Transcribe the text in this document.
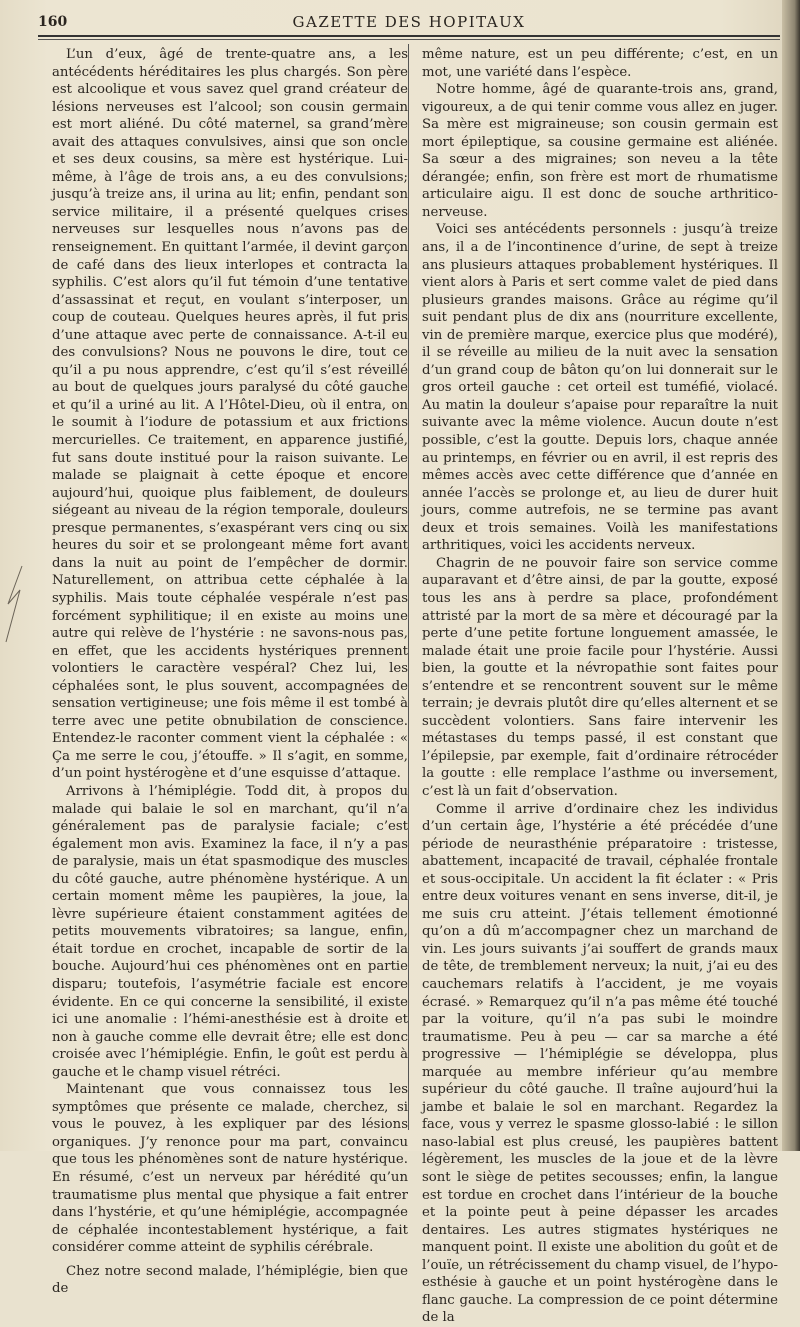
160	GAZETTE DES HOPITAUX

L’un d’eux, âgé de trente-quatre ans, a les antécédents héréditaires les plus chargés. Son père est alcoolique et vous savez quel grand créateur de lésions nerveuses est l’alcool; son cousin germain est mort aliéné. Du côté maternel, sa grand’mère avait des attaques convulsives, ainsi que son oncle et ses deux cousins, sa mère est hystérique. Lui-même, à l’âge de trois ans, a eu des convulsions; jusqu’à treize ans, il urina au lit; enfin, pendant son service militaire, il a présenté quelques crises nerveuses sur lesquelles nous n’avons pas de renseignement. En quittant l’armée, il devint garçon de café dans des lieux interlopes et contracta la syphilis. C’est alors qu’il fut témoin d’une tentative d’assassinat et reçut, en voulant s’interposer, un coup de couteau. Quelques heures après, il fut pris d’une attaque avec perte de connaissance. A-t-il eu des convulsions? Nous ne pouvons le dire, tout ce qu’il a pu nous apprendre, c’est qu’il s’est réveillé au bout de quelques jours paralysé du côté gauche et qu’il a uriné au lit. A l’Hôtel-Dieu, où il entra, on le soumit à l’iodure de potassium et aux frictions mercurielles. Ce traitement, en apparence justifié, fut sans doute institué pour la raison suivante. Le malade se plaignait à cette époque et encore aujourd’hui, quoique plus faiblement, de douleurs siégeant au niveau de la région temporale, douleurs presque permanentes, s’exaspérant vers cinq ou six heures du soir et se prolongeant même fort avant dans la nuit au point de l’empêcher de dormir. Naturellement, on attribua cette céphalée à la syphilis. Mais toute céphalée vespérale n’est pas forcément syphilitique; il en existe au moins une autre qui relève de l’hystérie : ne savons-nous pas, en effet, que les accidents hystériques prennent volontiers le caractère vespéral? Chez lui, les céphalées sont, le plus souvent, accompagnées de sensation vertigineuse; une fois même il est tombé à terre avec une petite obnubilation de conscience. Entendez-le raconter comment vient la céphalée : « Ça me serre le cou, j’étouffe. » Il s’agit, en somme, d’un point hystérogène et d’une esquisse d’attaque.

Arrivons à l’hémiplégie. Todd dit, à propos du malade qui balaie le sol en marchant, qu’il n’a généralement pas de paralysie faciale; c’est également mon avis. Examinez la face, il n’y a pas de paralysie, mais un état spasmodique des muscles du côté gauche, autre phénomène hystérique. A un certain moment même les paupières, la joue, la lèvre supérieure étaient constamment agitées de petits mouvements vibratoires; sa langue, enfin, était tordue en crochet, incapable de sortir de la bouche. Aujourd’hui ces phénomènes ont en partie disparu; toutefois, l’asymétrie faciale est encore évidente. En ce qui concerne la sensibilité, il existe ici une anomalie : l’hémi-anesthésie est à droite et non à gauche comme elle devrait être; elle est donc croisée avec l’hémiplégie. Enfin, le goût est perdu à gauche et le champ visuel rétréci.

Maintenant que vous connaissez tous les symptômes que présente ce malade, cherchez, si vous le pouvez, à les expliquer par des lésions organiques. J’y renonce pour ma part, convaincu que tous les phénomènes sont de nature hystérique. En résumé, c’est un nerveux par hérédité qu’un traumatisme plus mental que physique a fait entrer dans l’hystérie, et qu’une hémiplégie, accompagnée de céphalée incontestablement hystérique, a fait considérer comme atteint de syphilis cérébrale.

Chez notre second malade, l’hémiplégie, bien que de

même nature, est un peu différente; c’est, en un mot, une variété dans l’espèce.

Notre homme, âgé de quarante-trois ans, grand, vigoureux, a de qui tenir comme vous allez en juger. Sa mère est migraineuse; son cousin germain est mort épileptique, sa cousine germaine est aliénée. Sa sœur a des migraines; son neveu a la tête dérangée; enfin, son frère est mort de rhumatisme articulaire aigu. Il est donc de souche arthritico-nerveuse.

Voici ses antécédents personnels : jusqu’à treize ans, il a de l’incontinence d’urine, de sept à treize ans plusieurs attaques probablement hystériques. Il vient alors à Paris et sert comme valet de pied dans plusieurs grandes maisons. Grâce au régime qu’il suit pendant plus de dix ans (nourriture excellente, vin de première marque, exercice plus que modéré), il se réveille au milieu de la nuit avec la sensation d’un grand coup de bâton qu’on lui donnerait sur le gros orteil gauche : cet orteil est tuméfié, violacé. Au matin la douleur s’apaise pour reparaître la nuit suivante avec la même violence. Aucun doute n’est possible, c’est la goutte. Depuis lors, chaque année au printemps, en février ou en avril, il est repris des mêmes accès avec cette différence que d’année en année l’accès se prolonge et, au lieu de durer huit jours, comme autrefois, ne se termine pas avant deux et trois semaines. Voilà les manifestations arthritiques, voici les accidents nerveux.

Chagrin de ne pouvoir faire son service comme auparavant et d’être ainsi, de par la goutte, exposé tous les ans à perdre sa place, profondément attristé par la mort de sa mère et découragé par la perte d’une petite fortune longuement amassée, le malade était une proie facile pour l’hystérie. Aussi bien, la goutte et la névropathie sont faites pour s’entendre et se rencontrent souvent sur le même terrain; je devrais plutôt dire qu’elles alternent et se succèdent volontiers. Sans faire intervenir les métastases du temps passé, il est constant que l’épilepsie, par exemple, fait d’ordinaire rétrocéder la goutte : elle remplace l’asthme ou inversement, c’est là un fait d’observation.

Comme il arrive d’ordinaire chez les individus d’un certain âge, l’hystérie a été précédée d’une période de neurasthénie préparatoire : tristesse, abattement, incapacité de travail, céphalée frontale et sous-occipitale. Un accident la fit éclater : « Pris entre deux voitures venant en sens inverse, dit-il, je me suis cru atteint. J’étais tellement émotionné qu’on a dû m’accompagner chez un marchand de vin. Les jours suivants j’ai souffert de grands maux de tête, de tremblement nerveux; la nuit, j’ai eu des cauchemars relatifs à l’accident, je me voyais écrasé. » Remarquez qu’il n’a pas même été touché par la voiture, qu’il n’a pas subi le moindre traumatisme. Peu à peu — car sa marche a été progressive — l’hémiplégie se développa, plus marquée au membre inférieur qu’au membre supérieur du côté gauche. Il traîne aujourd’hui la jambe et balaie le sol en marchant. Regardez la face, vous y verrez le spasme glosso-labié : le sillon naso-labial est plus creusé, les paupières battent légèrement, les muscles de la joue et de la lèvre sont le siège de petites secousses; enfin, la langue est tordue en crochet dans l’intérieur de la bouche et la pointe peut à peine dépasser les arcades dentaires. Les autres stigmates hystériques ne manquent point. Il existe une abolition du goût et de l’ouïe, un rétrécissement du champ visuel, de l’hypo-esthésie à gauche et un point hystérogène dans le flanc gauche. La compression de ce point détermine de la
